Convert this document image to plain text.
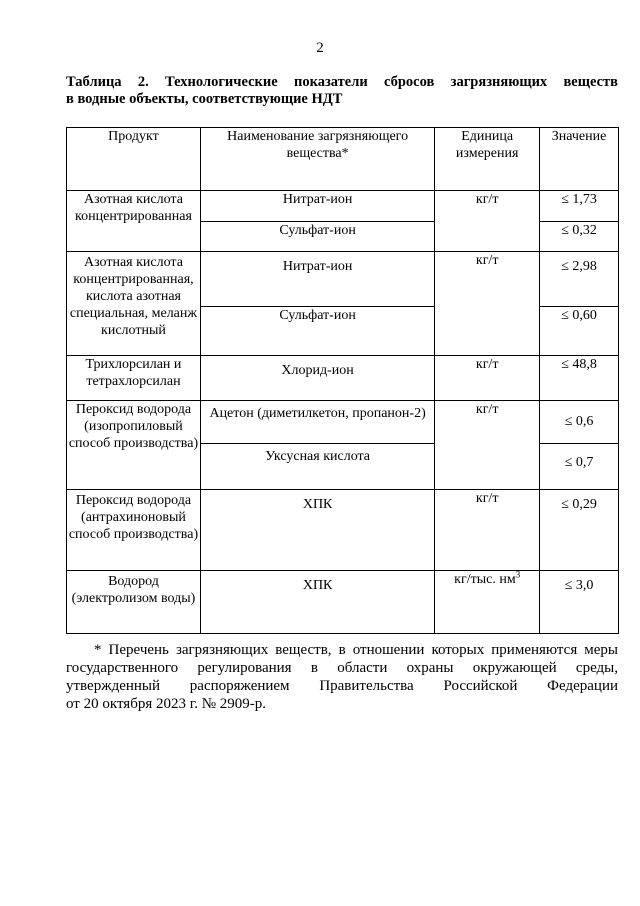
2
Таблица 2. Технологические показатели сбросов загрязняющих веществ
в водные объекты, соответствующие НДТ
Продукт	Наименование загрязняющего вещества*	Единица измерения	Значение
Азотная кислота концентрированная	Нитрат-ион	кг/т	≤ 1,73
	Сульфат-ион		≤ 0,32
Азотная кислота концентрированная, кислота азотная специальная, меланж кислотный	Нитрат-ион	кг/т	≤ 2,98
	Сульфат-ион		≤ 0,60
Трихлорсилан и тетрахлорсилан	Хлорид-ион	кг/т	≤ 48,8
Пероксид водорода (изопропиловый способ производства)	Ацетон (диметилкетон, пропанон-2)	кг/т	≤ 0,6
	Уксусная кислота		≤ 0,7
Пероксид водорода (антрахиноновый способ производства)	ХПК	кг/т	≤ 0,29
Водород (электролизом воды)	ХПК	кг/тыс. $нм^3$	≤ 3,0
* Перечень загрязняющих веществ, в отношении которых применяются меры
государственного регулирования в области охраны окружающей среды,
утвержденный распоряжением Правительства Российской Федерации
от 20 октября 2023 г. № 2909-р.
